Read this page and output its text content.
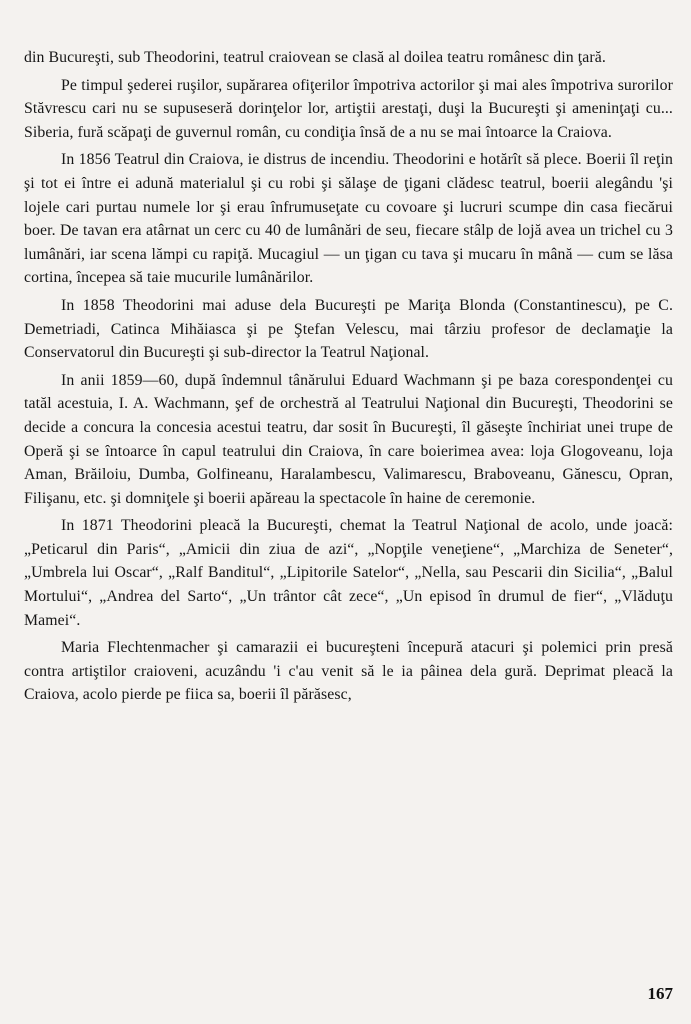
din Bucureşti, sub Theodorini, teatrul craiovean se clasă al doilea teatru românesc din ţară.

Pe timpul şederei ruşilor, supărarea ofiţerilor împotriva actorilor şi mai ales împotriva surorilor Stăvrescu cari nu se supuseseră dorinţelor lor, artiştii arestaţi, duşi la Bucureşti şi ameninţaţi cu... Siberia, fură scăpaţi de guvernul român, cu condiţia însă de a nu se mai întoarce la Craiova.

In 1856 Teatrul din Craiova, ie distrus de incendiu. Theodorini e hotărît să plece. Boerii îl reţin şi tot ei între ei adună materialul şi cu robi şi sălaşe de ţigani clădesc teatrul, boerii alegându 'şi lojele cari purtau numele lor şi erau înfrumuseţate cu covoare şi lucruri scumpe din casa fiecărui boer. De tavan era atârnat un cerc cu 40 de lumânări de seu, fiecare stâlp de lojă avea un trichel cu 3 lumânări, iar scena lămpi cu rapiţă. Mucagiul — un ţigan cu tava şi mucaru în mână — cum se lăsa cortina, începea să taie mucurile lumânărilor.

In 1858 Theodorini mai aduse dela Bucureşti pe Mariţa Blonda (Constantinescu), pe C. Demetriadi, Catinca Mihăiasca şi pe Ştefan Velescu, mai târziu profesor de declamaţie la Conservatorul din Bucureşti şi sub-director la Teatrul Naţional.

In anii 1859—60, după îndemnul tânărului Eduard Wachmann şi pe baza corespondenţei cu tatăl acestuia, I. A. Wachmann, şef de orchestră al Teatrului Naţional din Bucureşti, Theodorini se decide a concura la concesia acestui teatru, dar sosit în Bucureşti, îl găseşte închiriat unei trupe de Operă şi se întoarce în capul teatrului din Craiova, în care boierimea avea: loja Glogoveanu, loja Aman, Brăiloiu, Dumba, Golfineanu, Haralambescu, Valimarescu, Braboveanu, Gănescu, Opran, Filişanu, etc. şi domniţele şi boerii apăreau la spectacole în haine de ceremonie.

In 1871 Theodorini pleacă la Bucureşti, chemat la Teatrul Naţional de acolo, unde joacă: „Peticarul din Paris“, „Amicii din ziua de azi“, „Nopţile veneţiene“, „Marchiza de Seneter“, „Umbrela lui Oscar“, „Ralf Banditul“, „Lipitorile Satelor“, „Nella, sau Pescarii din Sicilia“, „Balul Mortului“, „Andrea del Sarto“, „Un trântor cât zece“, „Un episod în drumul de fier“, „Vlăduţu Mamei“.

Maria Flechtenmacher şi camarazii ei bucureşteni începură atacuri şi polemici prin presă contra artiştilor craioveni, acuzându 'i c'au venit să le ia pâinea dela gură. Deprimat pleacă la Craiova, acolo pierde pe fiica sa, boerii îl părăsesc,

167
